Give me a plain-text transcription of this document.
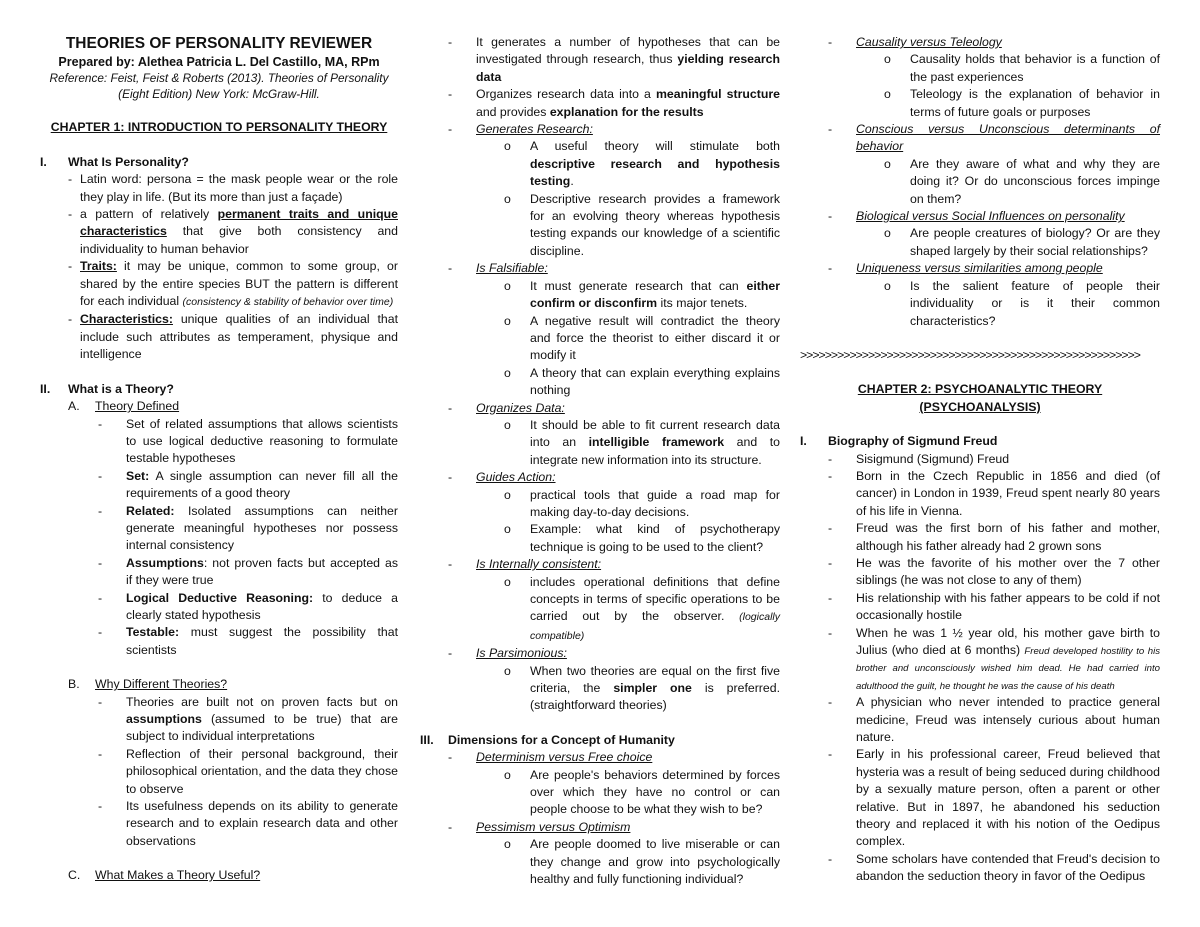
THEORIES OF PERSONALITY REVIEWER
Prepared by: Alethea Patricia L. Del Castillo, MA, RPm
Reference: Feist, Feist & Roberts (2013). Theories of Personality (Eight Edition) New York: McGraw-Hill.
CHAPTER 1: INTRODUCTION TO PERSONALITY THEORY
I.	What Is Personality?
- Latin word: persona = the mask people wear or the role they play in life. (But its more than just a façade)
- a pattern of relatively permanent traits and unique characteristics that give both consistency and individuality to human behavior
- Traits: it may be unique, common to some group, or shared by the entire species BUT the pattern is different for each individual (consistency & stability of behavior over time)
- Characteristics: unique qualities of an individual that include such attributes as temperament, physique and intelligence
II.	What is a Theory?
A.	Theory Defined
-	Set of related assumptions that allows scientists to use logical deductive reasoning to formulate testable hypotheses
-	Set: A single assumption can never fill all the requirements of a good theory
-	Related: Isolated assumptions can neither generate meaningful hypotheses nor possess internal consistency
-	Assumptions: not proven facts but accepted as if they were true
-	Logical Deductive Reasoning: to deduce a clearly stated hypothesis
-	Testable: must suggest the possibility that scientists
B.	Why Different Theories?
-	Theories are built not on proven facts but on assumptions (assumed to be true) that are subject to individual interpretations
-	Reflection of their personal background, their philosophical orientation, and the data they chose to observe
-	Its usefulness depends on its ability to generate research and to explain research data and other observations
C.	What Makes a Theory Useful?
-	It generates a number of hypotheses that can be investigated through research, thus yielding research data
-	Organizes research data into a meaningful structure and provides explanation for the results
-	Generates Research:
o	A useful theory will stimulate both descriptive research and hypothesis testing.
o	Descriptive research provides a framework for an evolving theory whereas hypothesis testing expands our knowledge of a scientific discipline.
-	Is Falsifiable:
o	It must generate research that can either confirm or disconfirm its major tenets.
o	A negative result will contradict the theory and force the theorist to either discard it or modify it
o	A theory that can explain everything explains nothing
-	Organizes Data:
o	It should be able to fit current research data into an intelligible framework and to integrate new information into its structure.
-	Guides Action:
o	practical tools that guide a road map for making day-to-day decisions.
o	Example: what kind of psychotherapy technique is going to be used to the client?
-	Is Internally consistent:
o	includes operational definitions that define concepts in terms of specific operations to be carried out by the observer. (logically compatible)
-	Is Parsimonious:
o	When two theories are equal on the first five criteria, the simpler one is preferred. (straightforward theories)
III.	Dimensions for a Concept of Humanity
-	Determinism versus Free choice
o	Are people's behaviors determined by forces over which they have no control or can people choose to be what they wish to be?
-	Pessimism versus Optimism
o	Are people doomed to live miserable or can they change and grow into psychologically healthy and fully functioning individual?
-	Causality versus Teleology
o	Causality holds that behavior is a function of the past experiences
o	Teleology is the explanation of behavior in terms of future goals or purposes
-	Conscious versus Unconscious determinants of behavior
o	Are they aware of what and why they are doing it? Or do unconscious forces impinge on them?
-	Biological versus Social Influences on personality
o	Are people creatures of biology? Or are they shaped largely by their social relationships?
-	Uniqueness versus similarities among people
o	Is the salient feature of people their individuality or is it their common characteristics?
>>>>>>>>>>>>>>>>>>>>>>>>>>>>>>>>>>>>>>>>>>>>>>>>>>>>>>>
CHAPTER 2: PSYCHOANALYTIC THEORY
(PSYCHOANALYSIS)
I.	Biography of Sigmund Freud
-	Sisigmund (Sigmund) Freud
-	Born in the Czech Republic in 1856 and died (of cancer) in London in 1939, Freud spent nearly 80 years of his life in Vienna.
-	Freud was the first born of his father and mother, although his father already had 2 grown sons
-	He was the favorite of his mother over the 7 other siblings (he was not close to any of them)
-	His relationship with his father appears to be cold if not occasionally hostile
-	When he was 1 ½ year old, his mother gave birth to Julius (who died at 6 months) Freud developed hostility to his brother and unconsciously wished him dead. He had carried into adulthood the guilt, he thought he was the cause of his death
-	A physician who never intended to practice general medicine, Freud was intensely curious about human nature.
-	Early in his professional career, Freud believed that hysteria was a result of being seduced during childhood by a sexually mature person, often a parent or other relative. But in 1897, he abandoned his seduction theory and replaced it with his notion of the Oedipus complex.
-	Some scholars have contended that Freud's decision to abandon the seduction theory in favor of the Oedipus
